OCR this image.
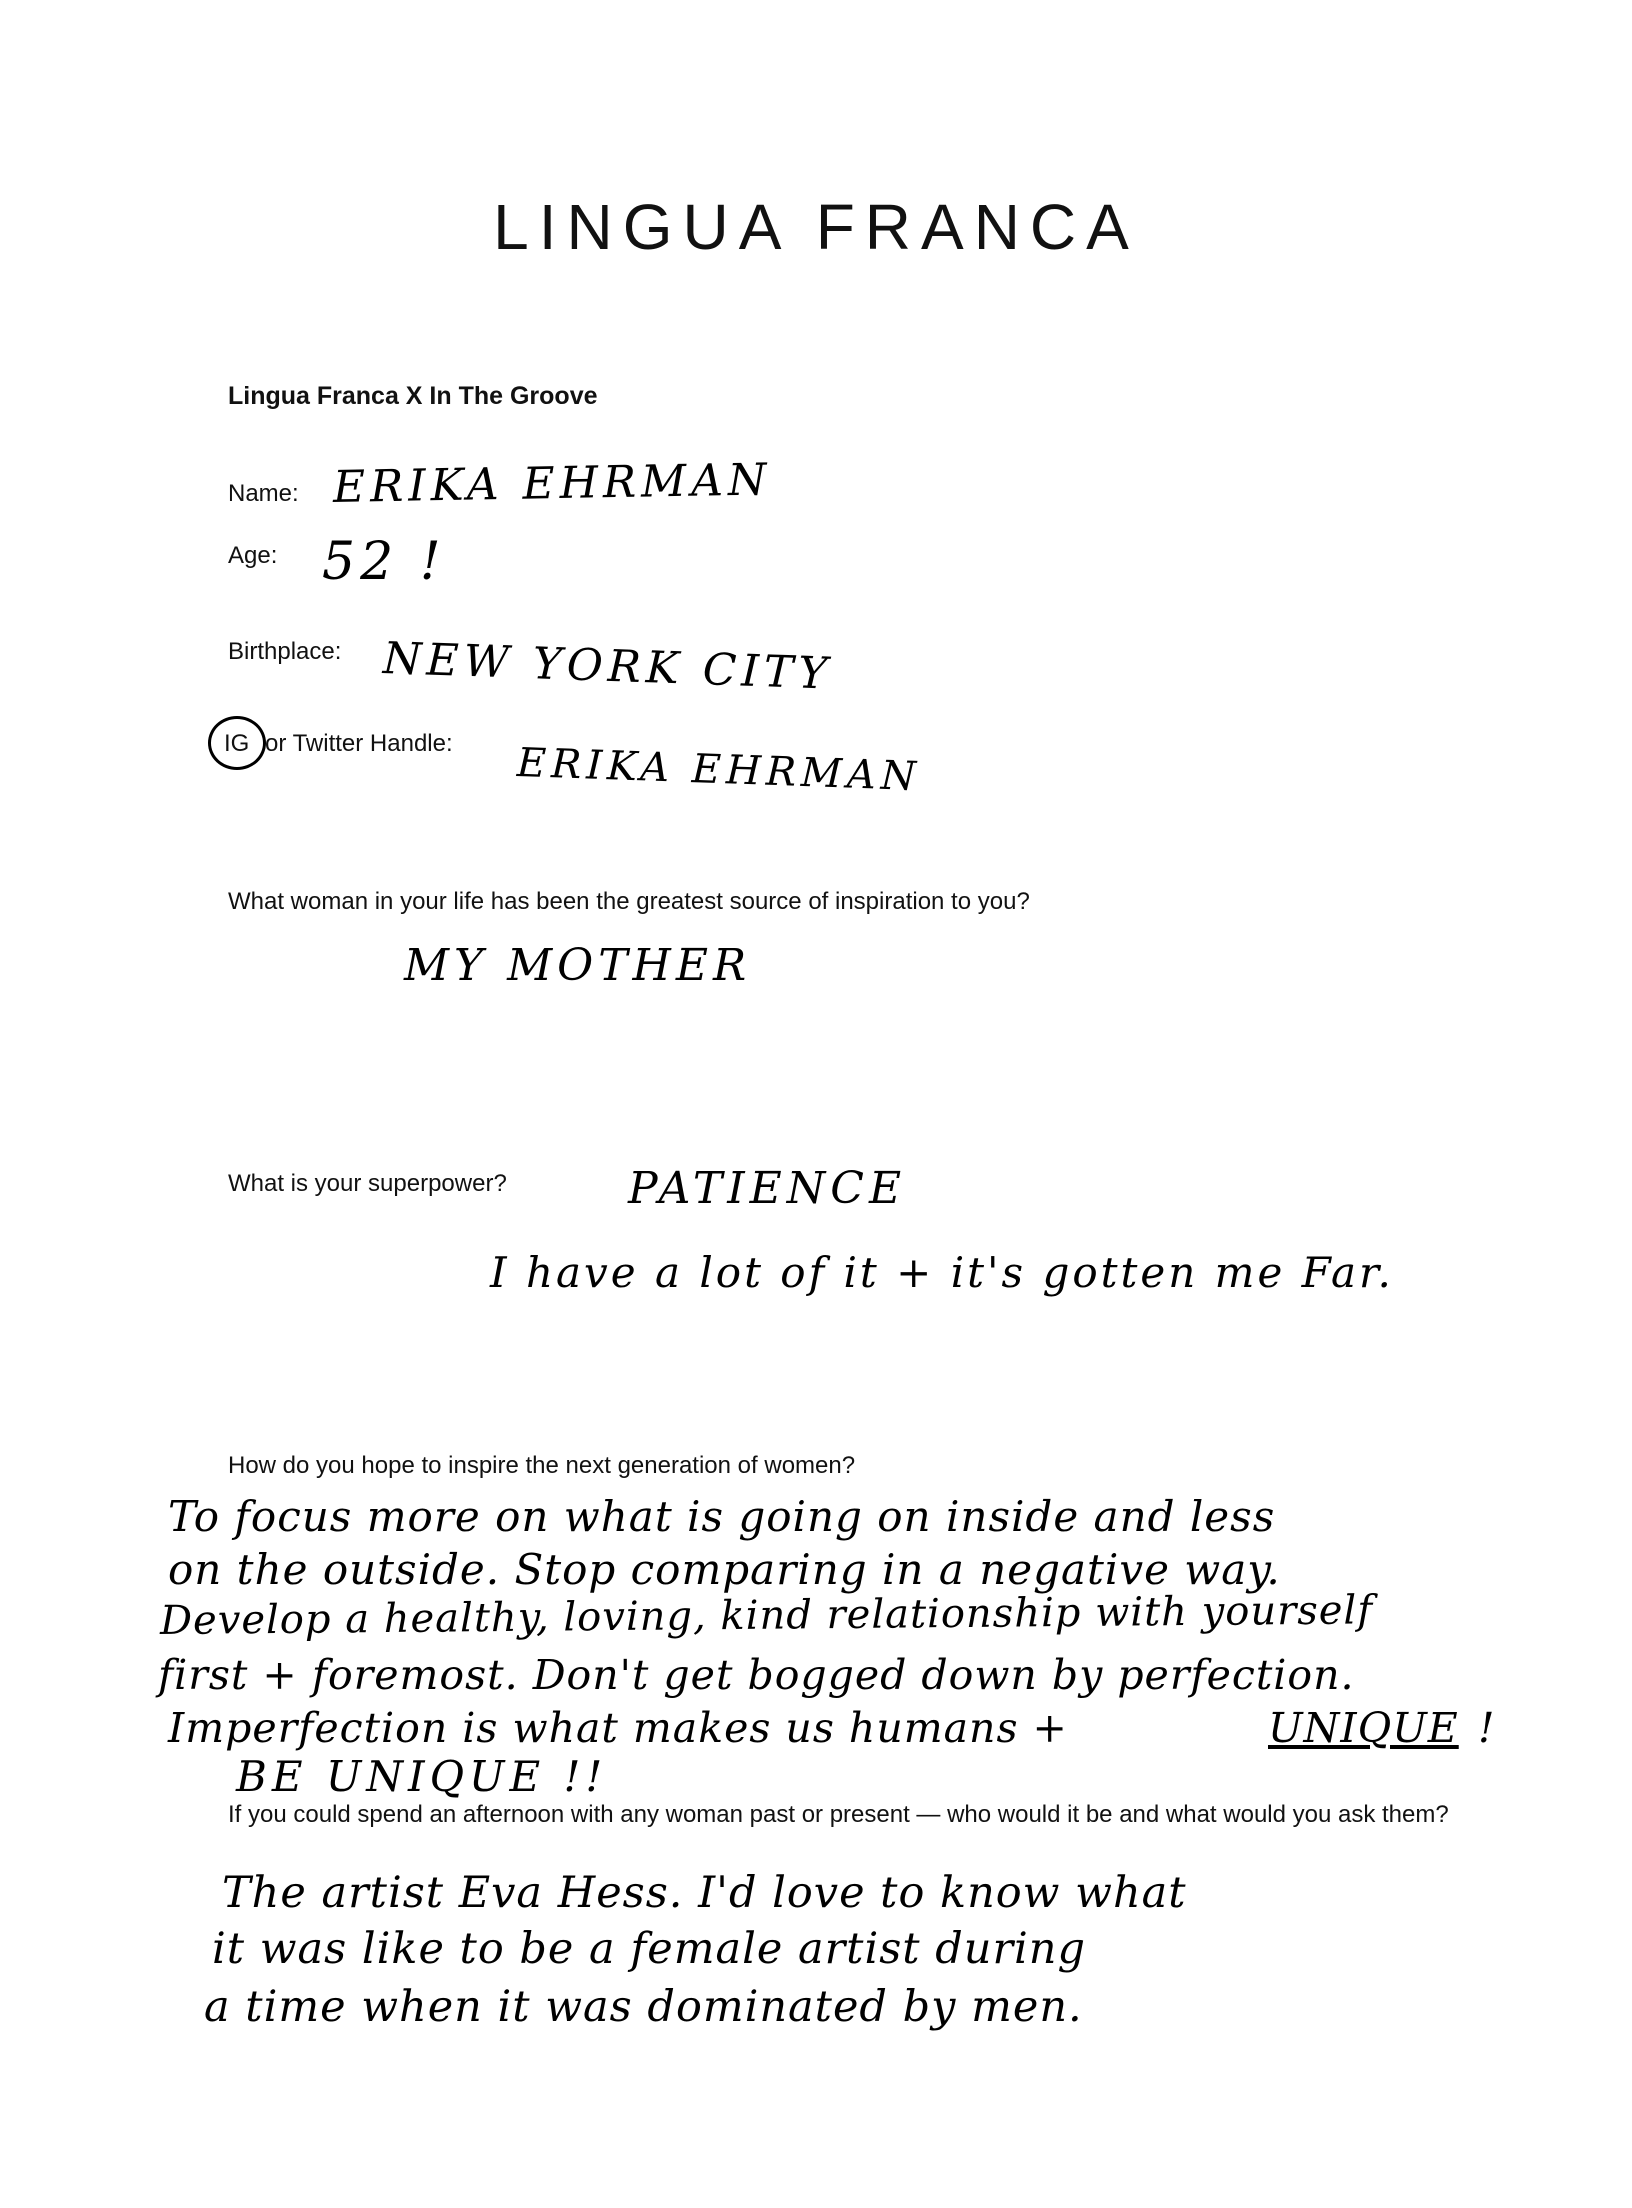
LINGUA FRANCA
Lingua Franca X In The Groove
Name: ERIKA EHRMAN
Age: 52 !
Birthplace: NEW YORK CITY
IG or Twitter Handle: ERIKA EHRMAN
What woman in your life has been the greatest source of inspiration to you?
MY MOTHER
What is your superpower?	PATIENCE
I have a lot of it + it's gotten me Far.
How do you hope to inspire the next generation of women?
To focus more on what is going on inside and less
on the outside. Stop comparing in a negative way.
Develop a healthy, loving, kind relationship with yourself
first + foremost. Don't get bogged down by perfection.
Imperfection is what makes us humans +	UNIQUE !
BE UNIQUE !!
If you could spend an afternoon with any woman past or present — who would it be and what would you ask them?
The artist Eva Hess. I'd love to know what
it was like to be a female artist during
a time when it was dominated by men.
